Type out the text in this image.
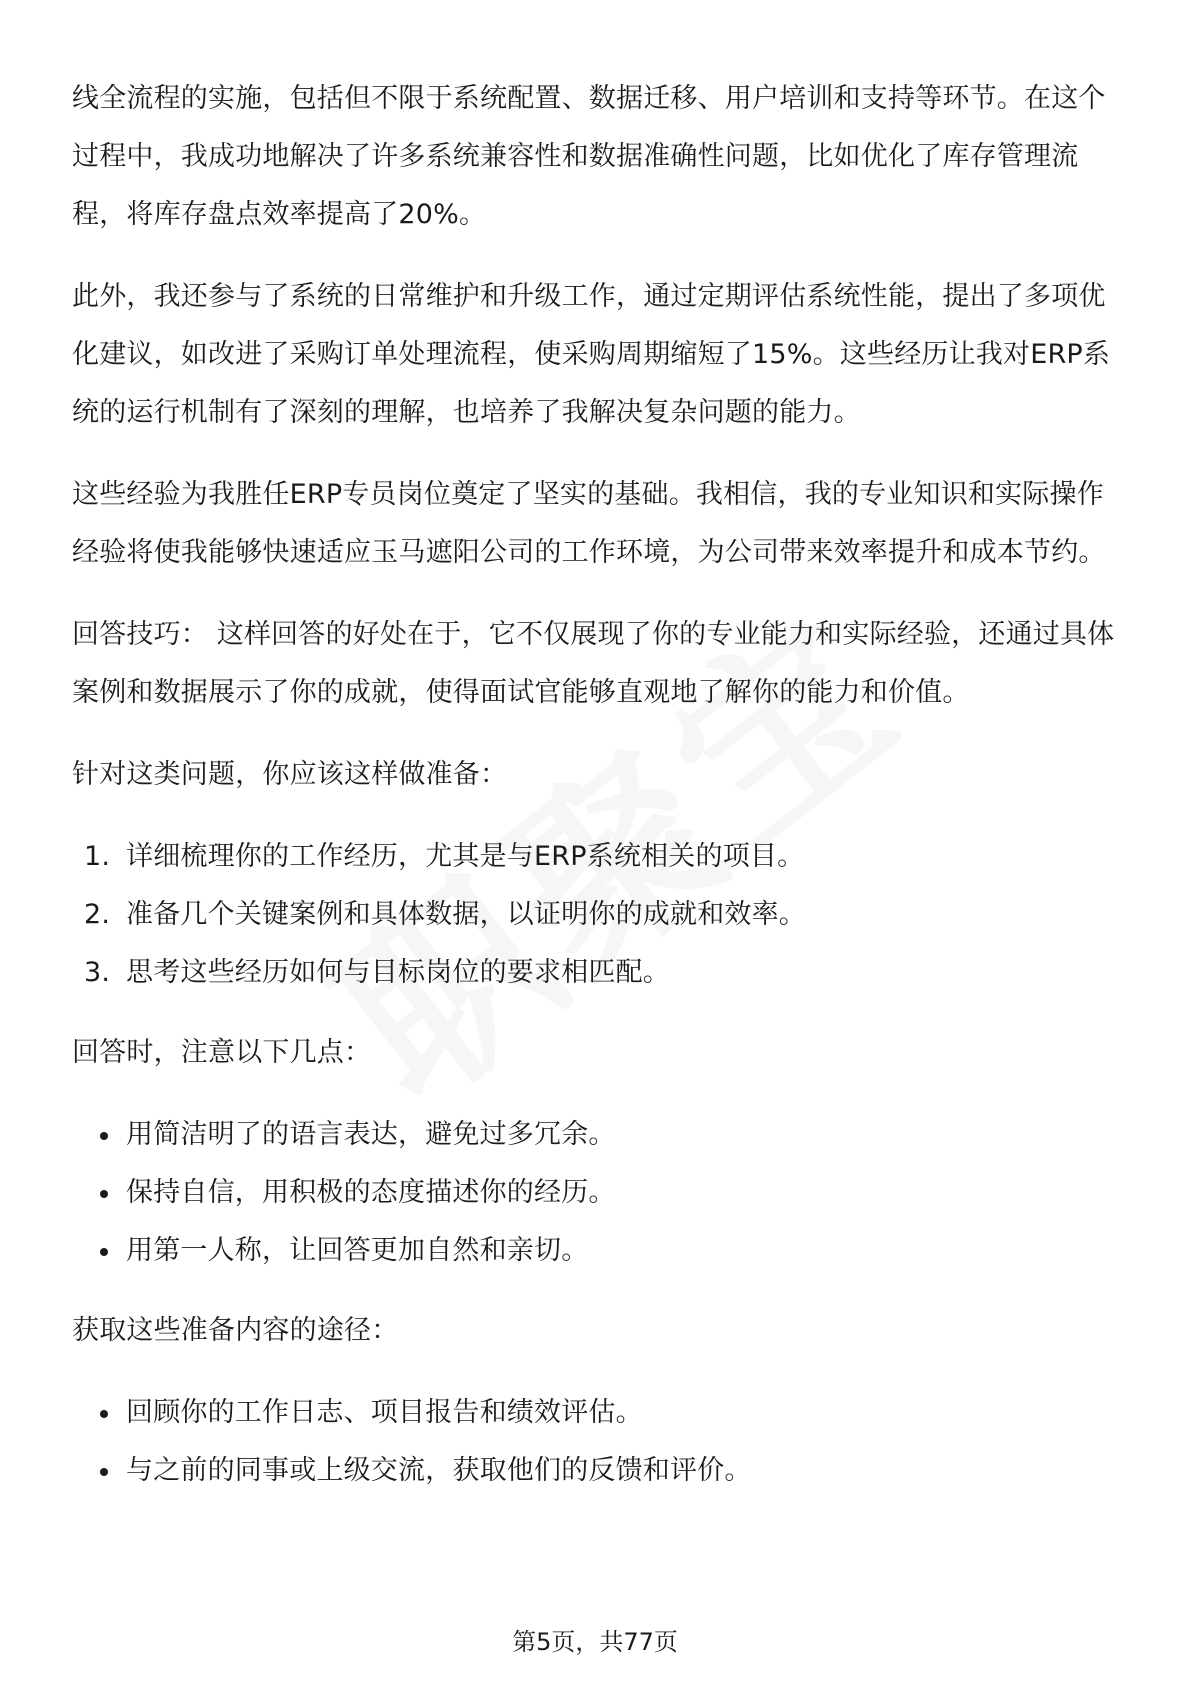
线全流程的实施，包括但不限于系统配置、数据迁移、用户培训和支持等环节。在这个过程中，我成功地解决了许多系统兼容性和数据准确性问题，比如优化了库存管理流程，将库存盘点效率提高了20%。

此外，我还参与了系统的日常维护和升级工作，通过定期评估系统性能，提出了多项优化建议，如改进了采购订单处理流程，使采购周期缩短了15%。这些经历让我对ERP系统的运行机制有了深刻的理解，也培养了我解决复杂问题的能力。

这些经验为我胜任ERP专员岗位奠定了坚实的基础。我相信，我的专业知识和实际操作经验将使我能够快速适应玉马遮阳公司的工作环境，为公司带来效率提升和成本节约。

回答技巧： 这样回答的好处在于，它不仅展现了你的专业能力和实际经验，还通过具体案例和数据展示了你的成就，使得面试官能够直观地了解你的能力和价值。

针对这类问题，你应该这样做准备：

1. 详细梳理你的工作经历，尤其是与ERP系统相关的项目。
2. 准备几个关键案例和具体数据，以证明你的成就和效率。
3. 思考这些经历如何与目标岗位的要求相匹配。

回答时，注意以下几点：

用简洁明了的语言表达，避免过多冗余。
保持自信，用积极的态度描述你的经历。
用第一人称，让回答更加自然和亲切。

获取这些准备内容的途径：

回顾你的工作日志、项目报告和绩效评估。
与之前的同事或上级交流，获取他们的反馈和评价。
第5页，共77页
